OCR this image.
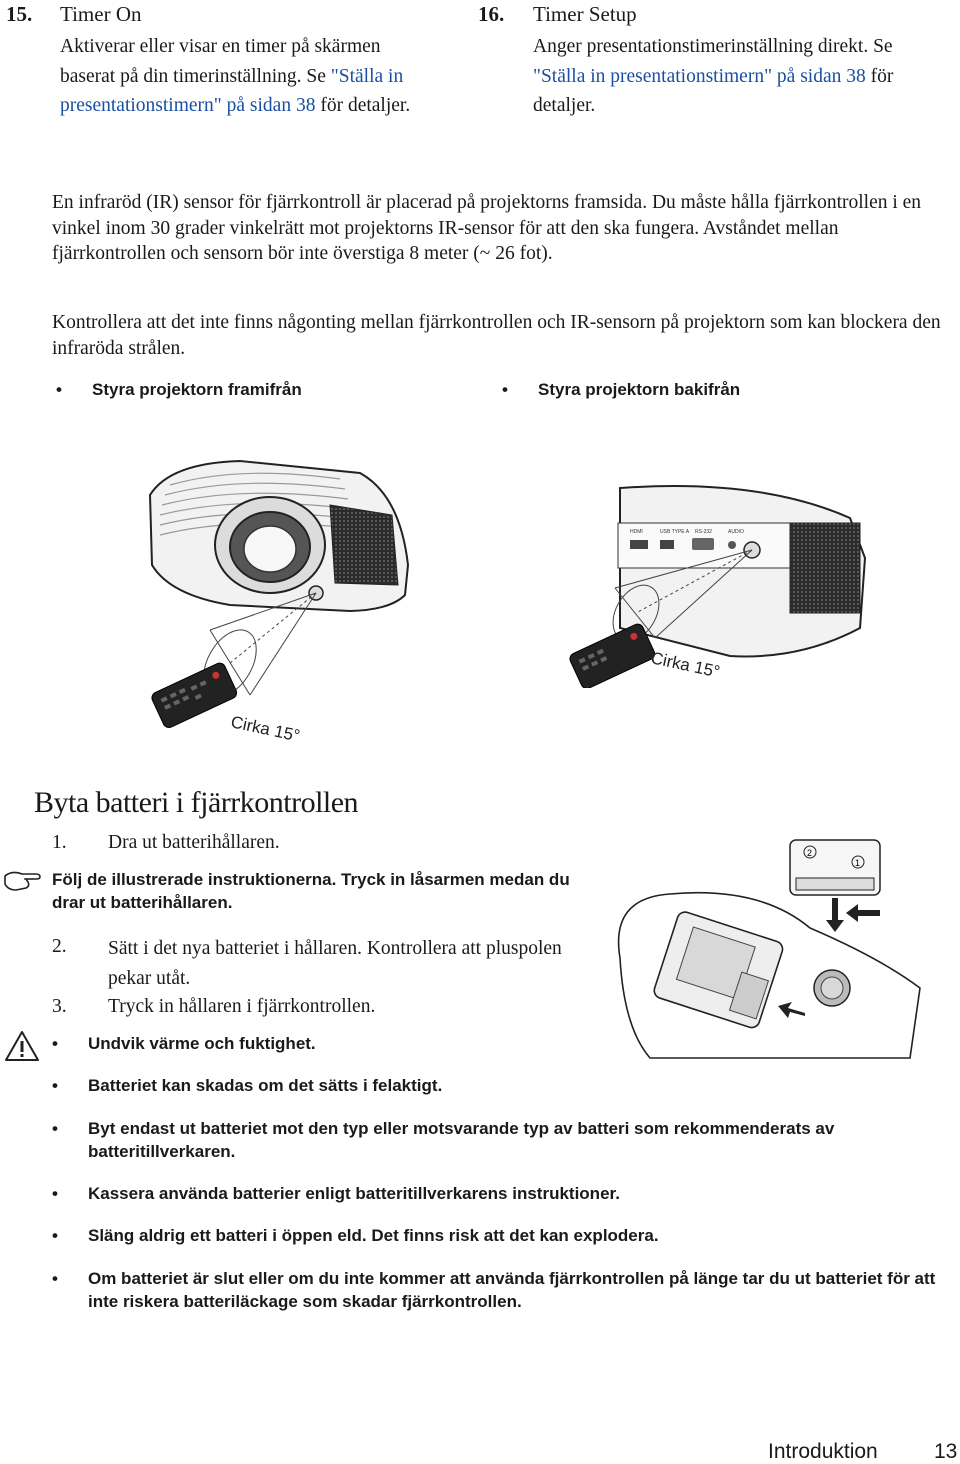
15. Timer On
Aktiverar eller visar en timer på skärmen
baserat på din timerinställning. Se "Ställa in presentationstimern" på sidan 38 för detaljer.
16. Timer Setup
Anger presentationstimerinställning direkt. Se "Ställa in presentationstimern" på sidan 38 för detaljer.

En infraröd (IR) sensor för fjärrkontroll är placerad på projektorns framsida. Du måste hålla fjärrkontrollen i en vinkel inom 30 grader vinkelrätt mot projektorns IR-sensor för att den ska fungera. Avståndet mellan fjärrkontrollen och sensorn bör inte överstiga 8 meter (~ 26 fot).

Kontrollera att det inte finns någonting mellan fjärrkontrollen och IR-sensorn på projektorn som kan blockera den infraröda strålen.

• Styra projektorn framifrån	• Styra projektorn bakifrån
Cirka 15°
HDMI	USB TYPE A RS-232	AUDIO
Cirka 15°
Byta batteri i fjärrkontrollen
1. Dra ut batterihållaren.
Följ de illustrerade instruktionerna. Tryck in låsarmen medan du drar ut batterihållaren.
2. Sätt i det nya batteriet i hållaren. Kontrollera att pluspolen pekar utåt.
3. Tryck in hållaren i fjärrkontrollen.
2
1
• Undvik värme och fuktighet.
• Batteriet kan skadas om det sätts i felaktigt.
• Byt endast ut batteriet mot den typ eller motsvarande typ av batteri som rekommenderats av batteritillverkaren.
• Kassera använda batterier enligt batteritillverkarens instruktioner.
• Släng aldrig ett batteri i öppen eld. Det finns risk att det kan explodera.
• Om batteriet är slut eller om du inte kommer att använda fjärrkontrollen på länge tar du ut batteriet för att inte riskera batteriläckage som skadar fjärrkontrollen.
Introduktion	13
